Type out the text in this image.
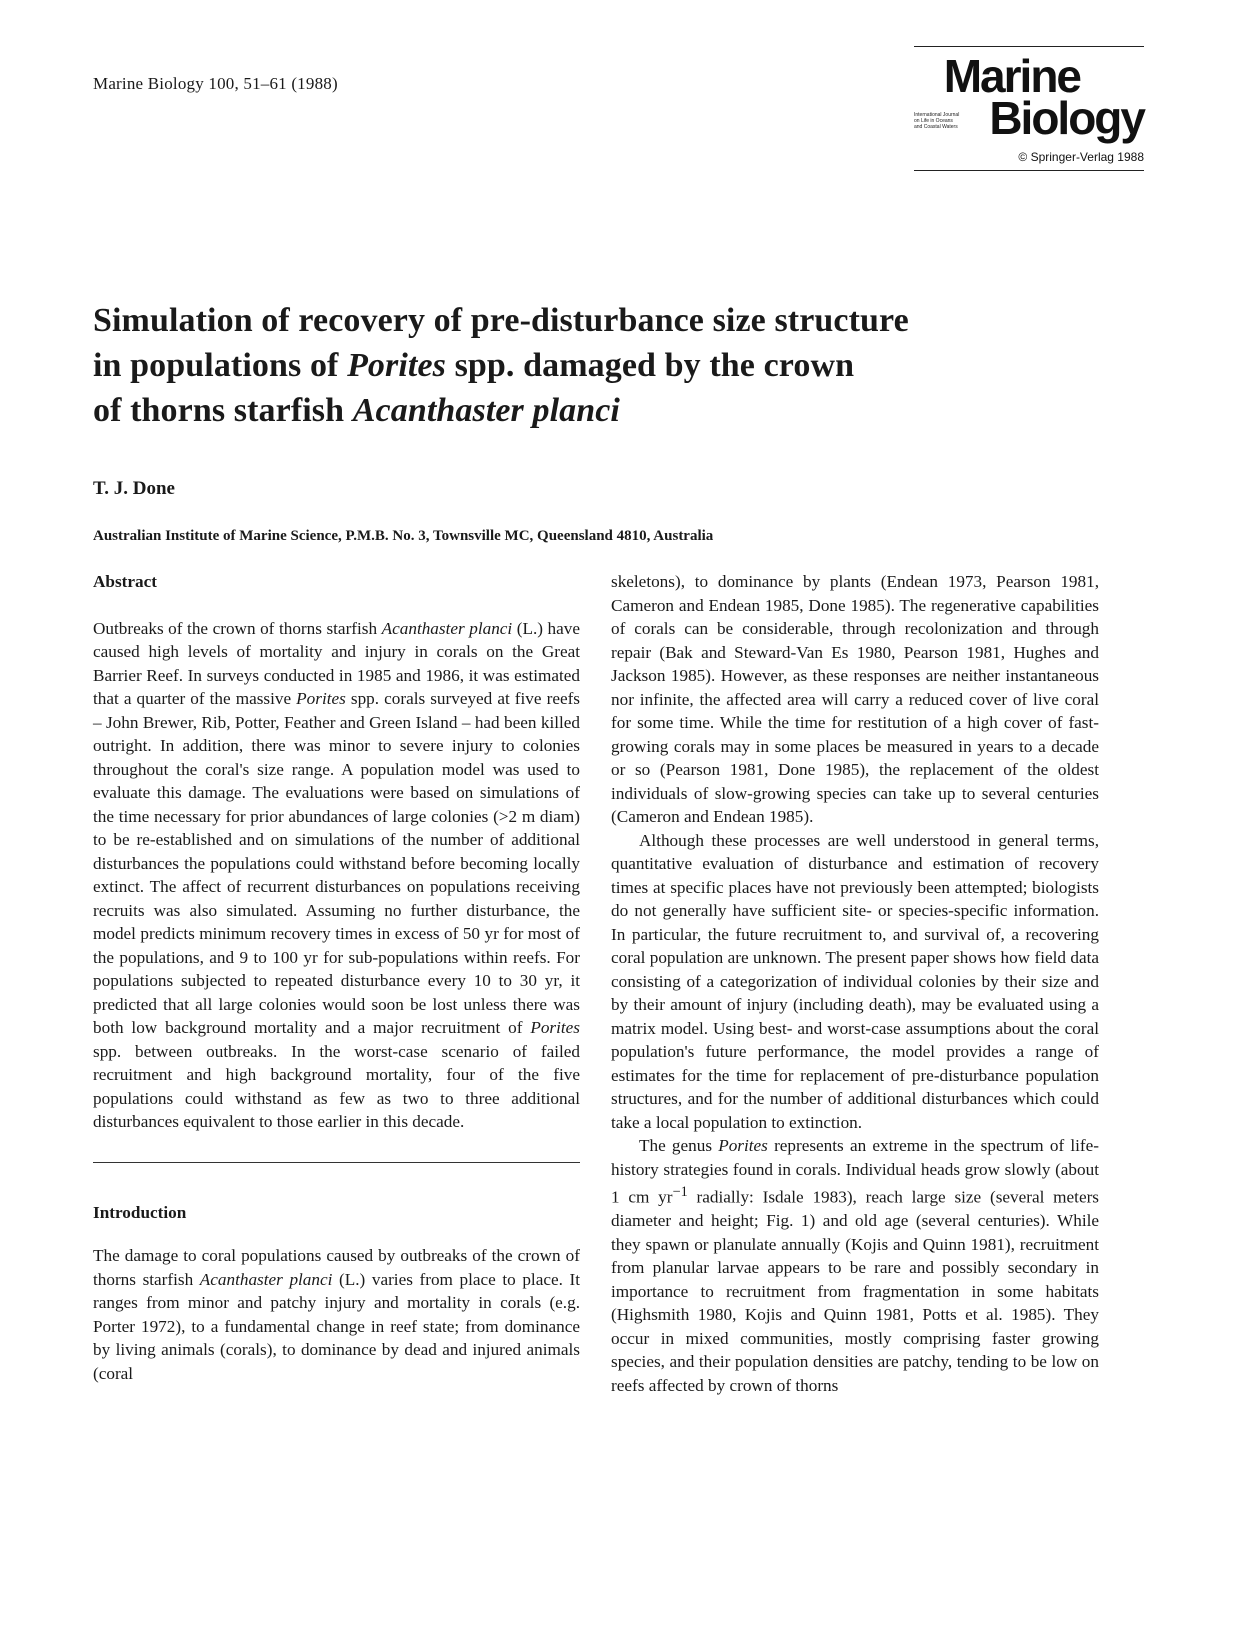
Marine Biology 100, 51–61 (1988)	Marine
International Journal
on Life in Oceans
and Coastal Waters Biology
© Springer-Verlag 1988
Simulation of recovery of pre-disturbance size structure
in populations of Porites spp. damaged by the crown
of thorns starfish Acanthaster planci
T. J. Done
Australian Institute of Marine Science, P.M.B. No. 3, Townsville MC, Queensland 4810, Australia

Abstract

Outbreaks of the crown of thorns starfish Acanthaster planci (L.) have caused high levels of mortality and injury in corals on the Great Barrier Reef. In surveys conducted in 1985 and 1986, it was estimated that a quarter of the massive Porites spp. corals surveyed at five reefs – John Brewer, Rib, Potter, Feather and Green Island – had been killed outright. In addition, there was minor to severe injury to colonies throughout the coral's size range. A population model was used to evaluate this damage. The evaluations were based on simulations of the time necessary for prior abundances of large colonies (>2 m diam) to be re-established and on simulations of the number of additional disturbances the populations could withstand before becoming locally extinct. The affect of recurrent disturbances on populations receiving recruits was also simulated. Assuming no further disturbance, the model predicts minimum recovery times in excess of 50 yr for most of the populations, and 9 to 100 yr for sub-populations within reefs. For populations subjected to repeated disturbance every 10 to 30 yr, it predicted that all large colonies would soon be lost unless there was both low background mortality and a major recruitment of Porites spp. between outbreaks. In the worst-case scenario of failed recruitment and high background mortality, four of the five populations could withstand as few as two to three additional disturbances equivalent to those earlier in this decade.

Introduction

The damage to coral populations caused by outbreaks of the crown of thorns starfish Acanthaster planci (L.) varies from place to place. It ranges from minor and patchy injury and mortality in corals (e.g. Porter 1972), to a fundamental change in reef state; from dominance by living animals (corals), to dominance by dead and injured animals (coral

skeletons), to dominance by plants (Endean 1973, Pearson 1981, Cameron and Endean 1985, Done 1985). The regenerative capabilities of corals can be considerable, through recolonization and through repair (Bak and Steward-Van Es 1980, Pearson 1981, Hughes and Jackson 1985). However, as these responses are neither instantaneous nor infinite, the affected area will carry a reduced cover of live coral for some time. While the time for restitution of a high cover of fast-growing corals may in some places be measured in years to a decade or so (Pearson 1981, Done 1985), the replacement of the oldest individuals of slow-growing species can take up to several centuries (Cameron and Endean 1985).

Although these processes are well understood in general terms, quantitative evaluation of disturbance and estimation of recovery times at specific places have not previously been attempted; biologists do not generally have sufficient site- or species-specific information. In particular, the future recruitment to, and survival of, a recovering coral population are unknown. The present paper shows how field data consisting of a categorization of individual colonies by their size and by their amount of injury (including death), may be evaluated using a matrix model. Using best- and worst-case assumptions about the coral population's future performance, the model provides a range of estimates for the time for replacement of pre-disturbance population structures, and for the number of additional disturbances which could take a local population to extinction.

The genus Porites represents an extreme in the spectrum of life-history strategies found in corals. Individual heads grow slowly (about 1 cm $yr^{-1}$ radially: Isdale 1983), reach large size (several meters diameter and height; Fig. 1) and old age (several centuries). While they spawn or planulate annually (Kojis and Quinn 1981), recruitment from planular larvae appears to be rare and possibly secondary in importance to recruitment from fragmentation in some habitats (Highsmith 1980, Kojis and Quinn 1981, Potts et al. 1985). They occur in mixed communities, mostly comprising faster growing species, and their population densities are patchy, tending to be low on reefs affected by crown of thorns
